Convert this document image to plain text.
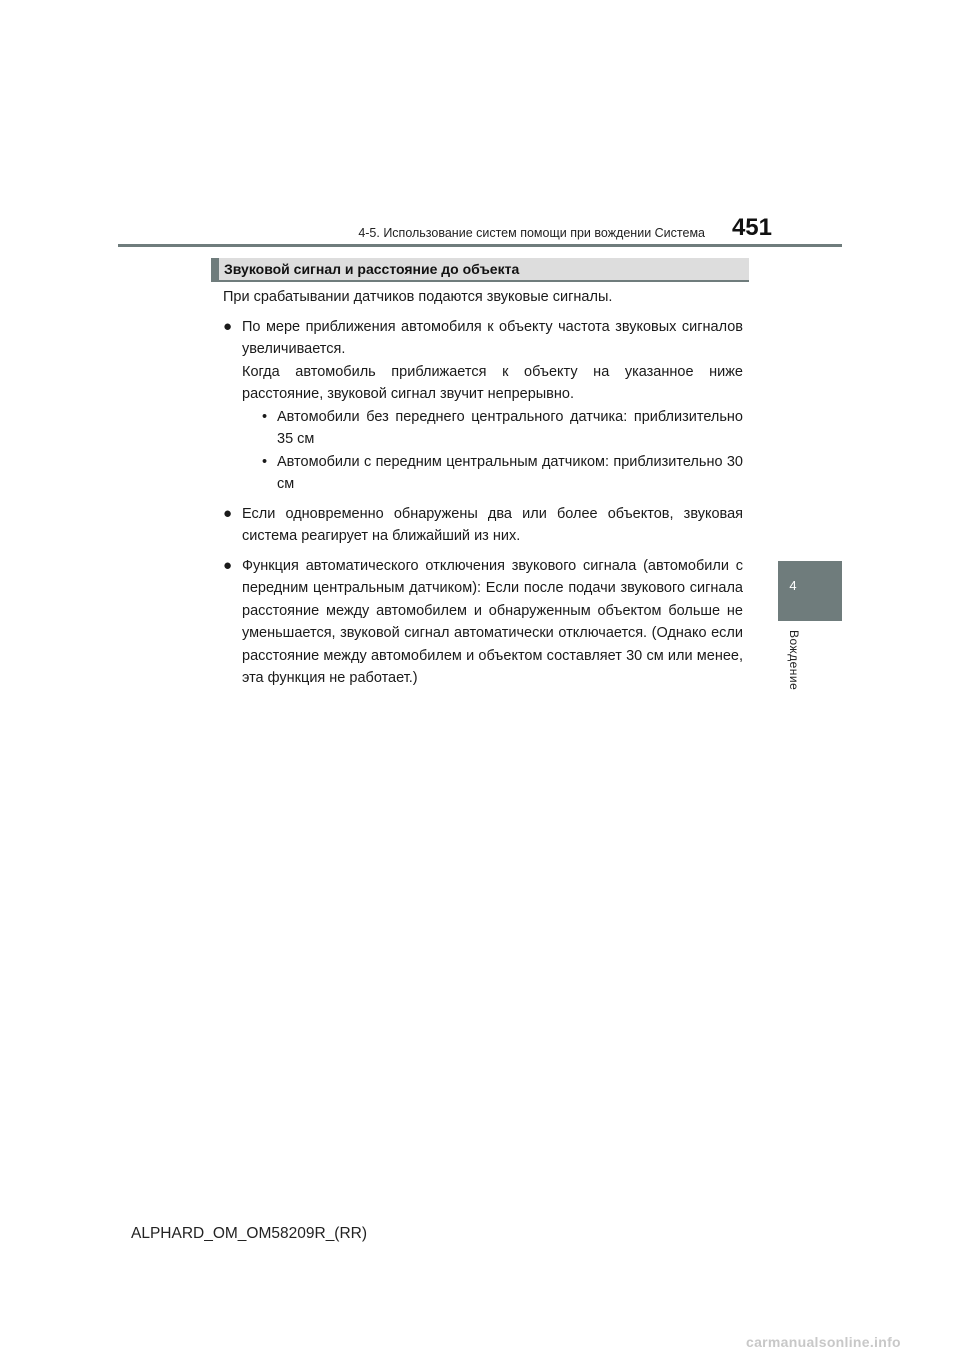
4-5. Использование систем помощи при вождении Система	451
4
Вождение
Звуковой сигнал и расстояние до объекта

При срабатывании датчиков подаются звуковые сигналы.

● По мере приближения автомобиля к объекту частота звуковых сигналов увеличивается.

Когда автомобиль приближается к объекту на указанное ниже расстояние, звуковой сигнал звучит непрерывно.

• Автомобили без переднего центрального датчика: приблизительно 35 см
• Автомобили с передним центральным датчиком: приблизительно 30 см
● Если одновременно обнаружены два или более объектов, звуковая система реагирует на ближайший из них.

● Функция автоматического отключения звукового сигнала (автомобили с передним центральным датчиком): Если после подачи звукового сигнала расстояние между автомобилем и обнаруженным объектом больше не уменьшается, звуковой сигнал автоматически отключается. (Однако если расстояние между автомобилем и объектом составляет 30 см или менее, эта функция не работает.)

ALPHARD_OM_OM58209R_(RR)
carmanualsonline.info
